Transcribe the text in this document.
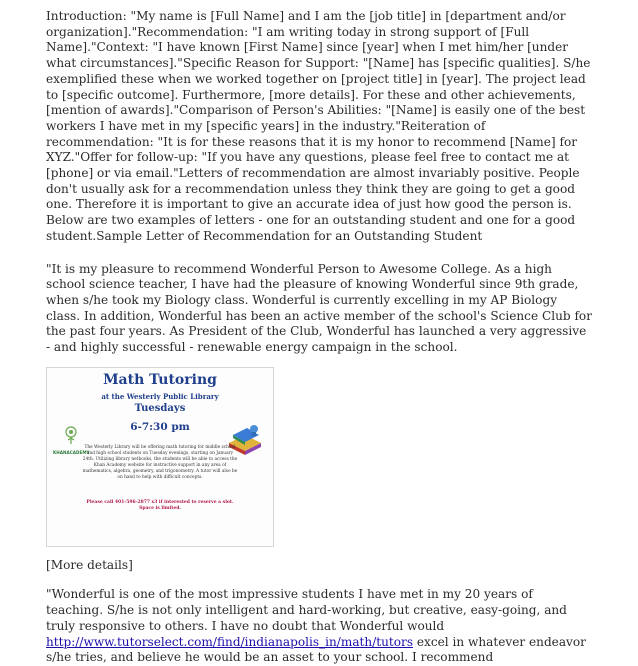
Introduction: "My name is [Full Name] and I am the [job title] in [department and/or organization]."Recommendation: "I am writing today in strong support of [Full Name]."Context: "I have known [First Name] since [year] when I met him/her [under what circumstances]."Specific Reason for Support: "[Name] has [specific qualities]. S/he exemplified these when we worked together on [project title] in [year]. The project lead to [specific outcome]. Furthermore, [more details]. For these and other achievements, [mention of awards]."Comparison of Person's Abilities: "[Name] is easily one of the best workers I have met in my [specific years] in the industry."Reiteration of recommendation: "It is for these reasons that it is my honor to recommend [Name] for XYZ."Offer for follow-up: "If you have any questions, please feel free to contact me at [phone] or via email."Letters of recommendation are almost invariably positive. People don't usually ask for a recommendation unless they think they are going to get a good one. Therefore it is important to give an accurate idea of just how good the person is. Below are two examples of letters - one for an outstanding student and one for a good student.Sample Letter of Recommendation for an Outstanding Student

"It is my pleasure to recommend Wonderful Person to Awesome College. As a high school science teacher, I have had the pleasure of knowing Wonderful since 9th grade, when s/he took my Biology class. Wonderful is currently excelling in my AP Biology class. In addition, Wonderful has been an active member of the school's Science Club for the past four years. As President of the Club, Wonderful has launched a very aggressive - and highly successful - renewable energy campaign in the school.

Math Tutoring
at the Westerly Public Library
Tuesdays
6-7:30 pm
KHANACADEMY
The Westerly Library will be offering math tutoring for middle school and high school students on Tuesday evenings, starting on January 24th. Utilizing library netbooks, the students will be able to access the Khan Academy website for instructive support in any area of mathematics, algebra, geometry, and trigonometry. A tutor will also be on hand to help with difficult concepts.
Please call 401-596-2877 x3 if interested to reserve a slot. Space is limited.

[More details]

"Wonderful is one of the most impressive students I have met in my 20 years of teaching. S/he is not only intelligent and hard-working, but creative, easy-going, and truly responsive to others. I have no doubt that Wonderful would http://www.tutorselect.com/find/indianapolis_in/math/tutors excel in whatever endeavor s/he tries, and believe he would be an asset to your school. I recommend
